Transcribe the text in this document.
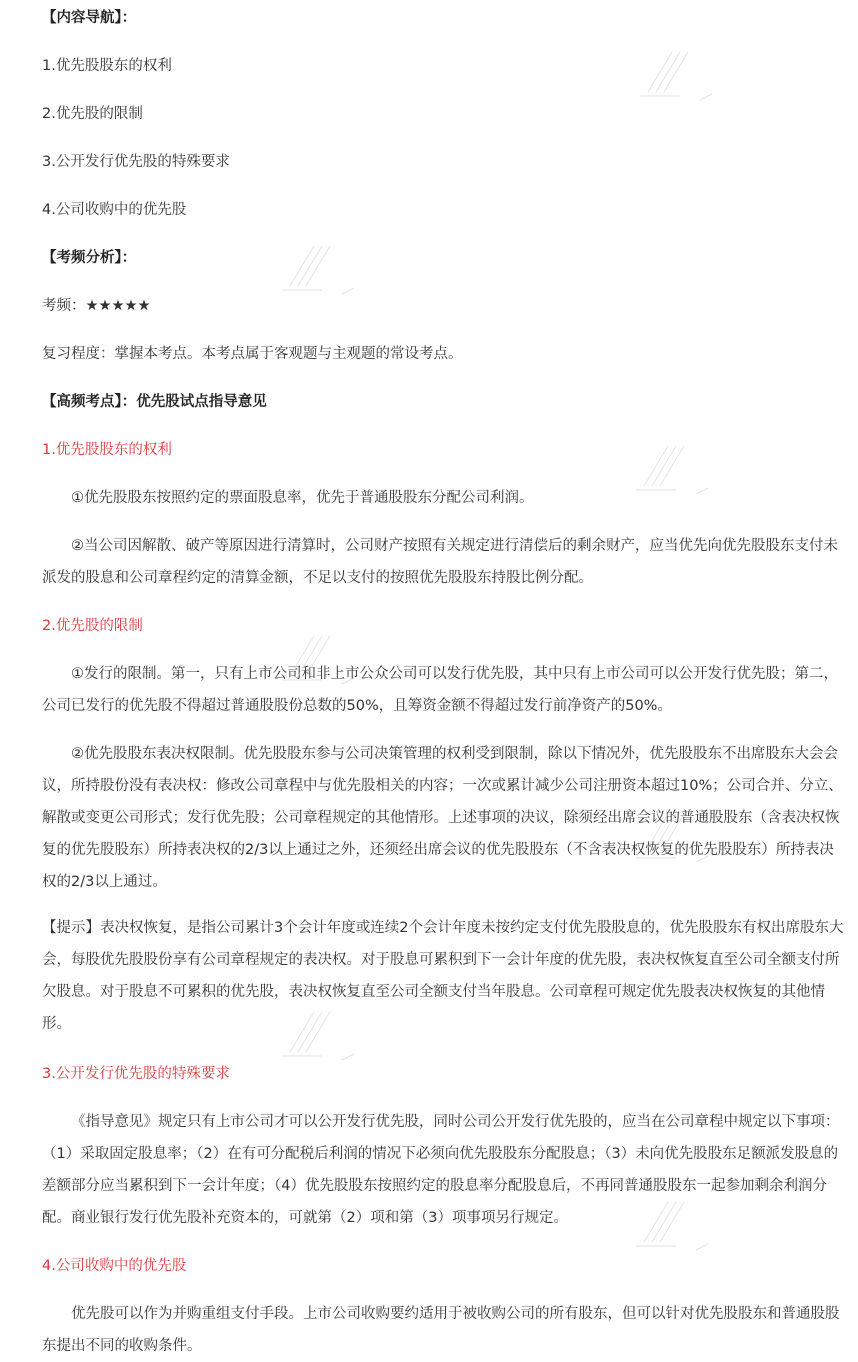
【内容导航】：
1.优先股股东的权利
2.优先股的限制
3.公开发行优先股的特殊要求
4.公司收购中的优先股
【考频分析】：
考频：★★★★★
复习程度：掌握本考点。本考点属于客观题与主观题的常设考点。
【高频考点】：优先股试点指导意见
1.优先股股东的权利
①优先股股东按照约定的票面股息率，优先于普通股股东分配公司利润。
②当公司因解散、破产等原因进行清算时，公司财产按照有关规定进行清偿后的剩余财产，应当优先向优先股股东支付未派发的股息和公司章程约定的清算金额，不足以支付的按照优先股股东持股比例分配。
2.优先股的限制
①发行的限制。第一，只有上市公司和非上市公众公司可以发行优先股，其中只有上市公司可以公开发行优先股；第二，公司已发行的优先股不得超过普通股股份总数的50%，且筹资金额不得超过发行前净资产的50%。
②优先股股东表决权限制。优先股股东参与公司决策管理的权利受到限制，除以下情况外，优先股股东不出席股东大会会议，所持股份没有表决权：修改公司章程中与优先股相关的内容；一次或累计减少公司注册资本超过10%；公司合并、分立、解散或变更公司形式；发行优先股；公司章程规定的其他情形。上述事项的决议，除须经出席会议的普通股股东（含表决权恢复的优先股股东）所持表决权的2/3以上通过之外，还须经出席会议的优先股股东（不含表决权恢复的优先股股东）所持表决权的2/3以上通过。
【提示】表决权恢复，是指公司累计3个会计年度或连续2个会计年度未按约定支付优先股股息的，优先股股东有权出席股东大会，每股优先股股份享有公司章程规定的表决权。对于股息可累积到下一会计年度的优先股，表决权恢复直至公司全额支付所欠股息。对于股息不可累积的优先股，表决权恢复直至公司全额支付当年股息。公司章程可规定优先股表决权恢复的其他情形。
3.公开发行优先股的特殊要求
《指导意见》规定只有上市公司才可以公开发行优先股，同时公司公开发行优先股的，应当在公司章程中规定以下事项：（1）采取固定股息率；（2）在有可分配税后利润的情况下必须向优先股股东分配股息；（3）未向优先股股东足额派发股息的差额部分应当累积到下一会计年度；（4）优先股股东按照约定的股息率分配股息后，不再同普通股股东一起参加剩余利润分配。商业银行发行优先股补充资本的，可就第（2）项和第（3）项事项另行规定。
4.公司收购中的优先股
优先股可以作为并购重组支付手段。上市公司收购要约适用于被收购公司的所有股东，但可以针对优先股股东和普通股股东提出不同的收购条件。
